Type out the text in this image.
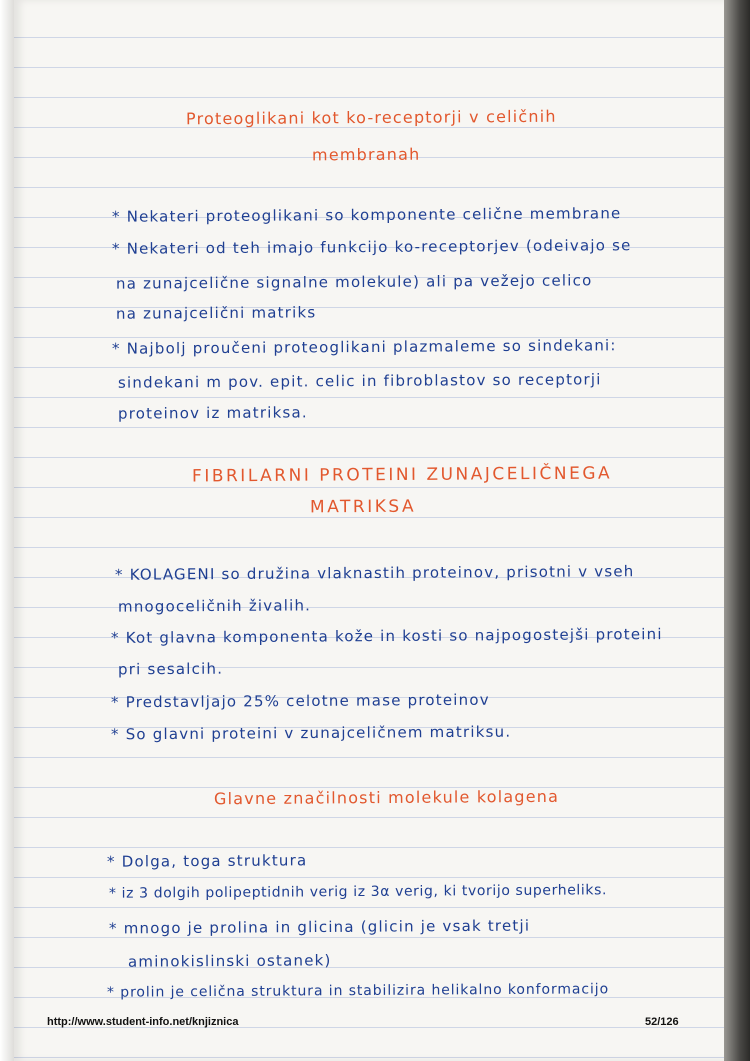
Proteoglikani kot ko-receptorji v celičnih
membranah
* Nekateri proteoglikani so komponente celične membrane
* Nekateri od teh imajo funkcijo ko-receptorjev (odeivajo se
na zunajcelične signalne molekule) ali pa vežejo celico
na zunajcelični matriks
* Najbolj proučeni proteoglikani plazmaleme so sindekani:
sindekani m pov. epit. celic in fibroblastov so receptorji
proteinov iz matriksa.
FIBRILARNI PROTEINI ZUNAJCELIČNEGA
MATRIKSA
* KOLAGENI so družina vlaknastih proteinov, prisotni v vseh
mnogoceličnih živalih.
* Kot glavna komponenta kože in kosti so najpogostejši proteini
pri sesalcih.
* Predstavljajo 25% celotne mase proteinov
* So glavni proteini v zunajceličnem matriksu.
Glavne značilnosti molekule kolagena
* Dolga, toga struktura
* iz 3 dolgih polipeptidnih verig iz 3α verig, ki tvorijo superheliks.
* mnogo je prolina in glicina (glicin je vsak tretji
aminokislinski ostanek)
* prolin je celična struktura in stabilizira helikalno konformacijo
http://www.student-info.net/knjiznica	52/126
